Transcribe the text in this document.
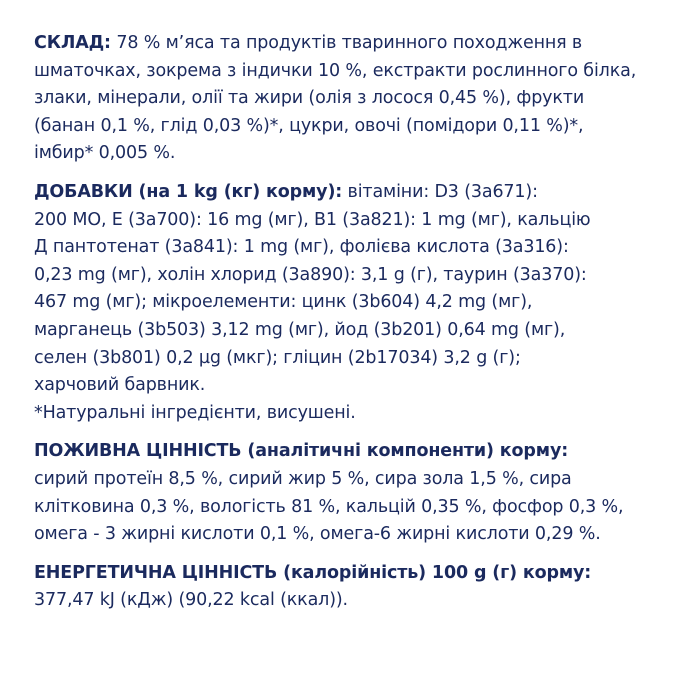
СКЛАД: 78 % м’яса та продуктів тваринного походження в
шматочках, зокрема з індички 10 %, екстракти рослинного білка,
злаки, мінерали, олії та жири (олія з лосося 0,45 %), фрукти
(банан 0,1 %, глід 0,03 %)*, цукри, овочі (помідори 0,11 %)*,
імбир* 0,005 %.

ДОБАВКИ (на 1 kg (кг) корму): вітаміни: D3 (3a671):
200 МО, Е (3a700): 16 mg (мг), В1 (3a821): 1 mg (мг), кальцію
Д пантотенат (3a841): 1 mg (мг), фолієва кислота (3a316):
0,23 mg (мг), холін хлорид (3a890): 3,1 g (г), таурин (3a370):
467 mg (мг); мікроелементи: цинк (3b604) 4,2 mg (мг),
марганець (3b503) 3,12 mg (мг), йод (3b201) 0,64 mg (мг),
селен (3b801) 0,2 µg (мкг); гліцин (2b17034) 3,2 g (г);
харчовий барвник.
*Натуральні інгредієнти, висушені.

ПОЖИВНА ЦІННІСТЬ (аналітичні компоненти) корму:
сирий протеїн 8,5 %, сирий жир 5 %, сира зола 1,5 %, сира
клітковина 0,3 %, вологість 81 %, кальцій 0,35 %, фосфор 0,3 %,
омега - 3 жирні кислоти 0,1 %, омега-6 жирні кислоти 0,29 %.

ЕНЕРГЕТИЧНА ЦІННІСТЬ (калорійність) 100 g (г) корму:
377,47 kJ (кДж) (90,22 kcal (ккал)).
